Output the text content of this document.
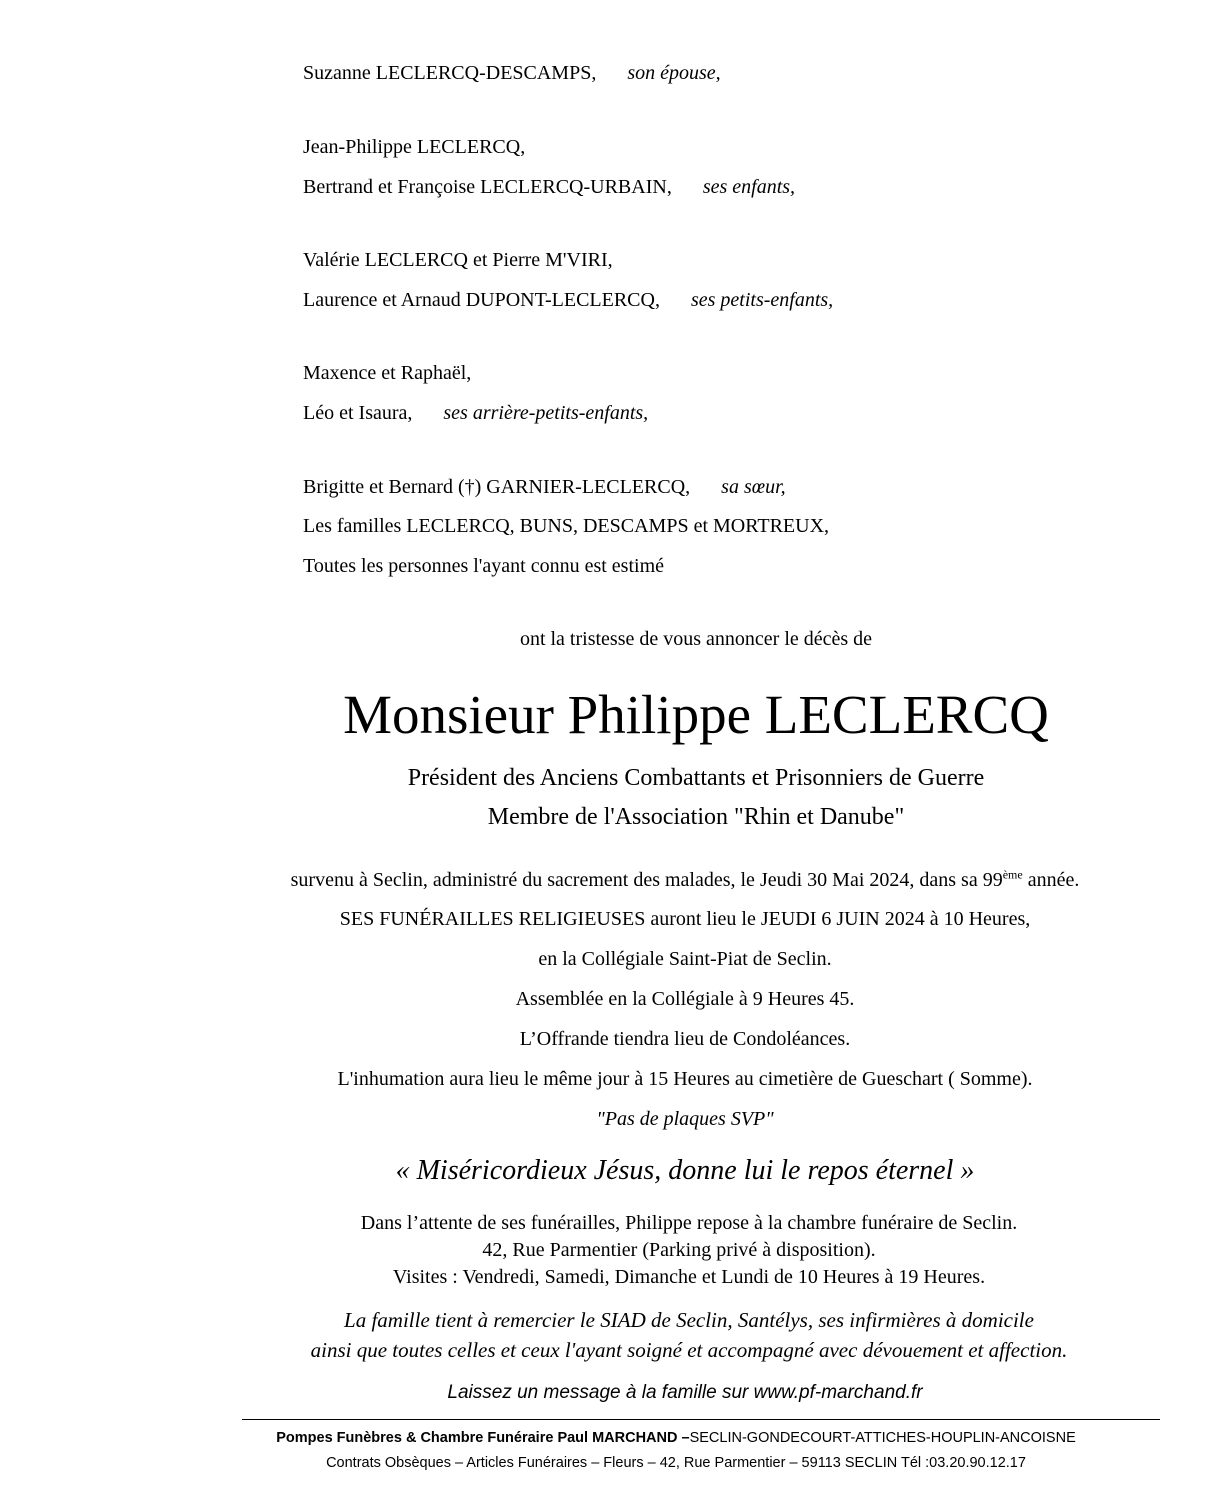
Suzanne LECLERCQ-DESCAMPS, son épouse,
Jean-Philippe LECLERCQ,
Bertrand et Françoise LECLERCQ-URBAIN, ses enfants,
Valérie LECLERCQ et Pierre M'VIRI,
Laurence et Arnaud DUPONT-LECLERCQ, ses petits-enfants,
Maxence et Raphaël,
Léo et Isaura, ses arrière-petits-enfants,
Brigitte et Bernard (†) GARNIER-LECLERCQ, sa sœur,
Les familles LECLERCQ, BUNS, DESCAMPS et MORTREUX,
Toutes les personnes l'ayant connu est estimé
ont la tristesse de vous annoncer le décès de
Monsieur Philippe LECLERCQ
Président des Anciens Combattants et Prisonniers de Guerre
Membre de l'Association "Rhin et Danube"
survenu à Seclin, administré du sacrement des malades, le Jeudi 30 Mai 2024, dans sa 99ème année.
SES FUNÉRAILLES RELIGIEUSES auront lieu le JEUDI 6 JUIN 2024 à 10 Heures,
en la Collégiale Saint-Piat de Seclin.
Assemblée en la Collégiale à 9 Heures 45.
L’Offrande tiendra lieu de Condoléances.
L'inhumation aura lieu le même jour à 15 Heures au cimetière de Gueschart ( Somme).
"Pas de plaques SVP"
« Miséricordieux Jésus, donne lui le repos éternel »
Dans l’attente de ses funérailles, Philippe repose à la chambre funéraire de Seclin.
42, Rue Parmentier (Parking privé à disposition).
Visites : Vendredi, Samedi, Dimanche et Lundi de 10 Heures à 19 Heures.
La famille tient à remercier le SIAD de Seclin, Santélys, ses infirmières à domicile
ainsi que toutes celles et ceux l'ayant soigné et accompagné avec dévouement et affection.
Laissez un message à la famille sur www.pf-marchand.fr
Pompes Funèbres & Chambre Funéraire Paul MARCHAND –SECLIN-GONDECOURT-ATTICHES-HOUPLIN-ANCOISNE
Contrats Obsèques – Articles Funéraires – Fleurs – 42, Rue Parmentier – 59113 SECLIN Tél :03.20.90.12.17
